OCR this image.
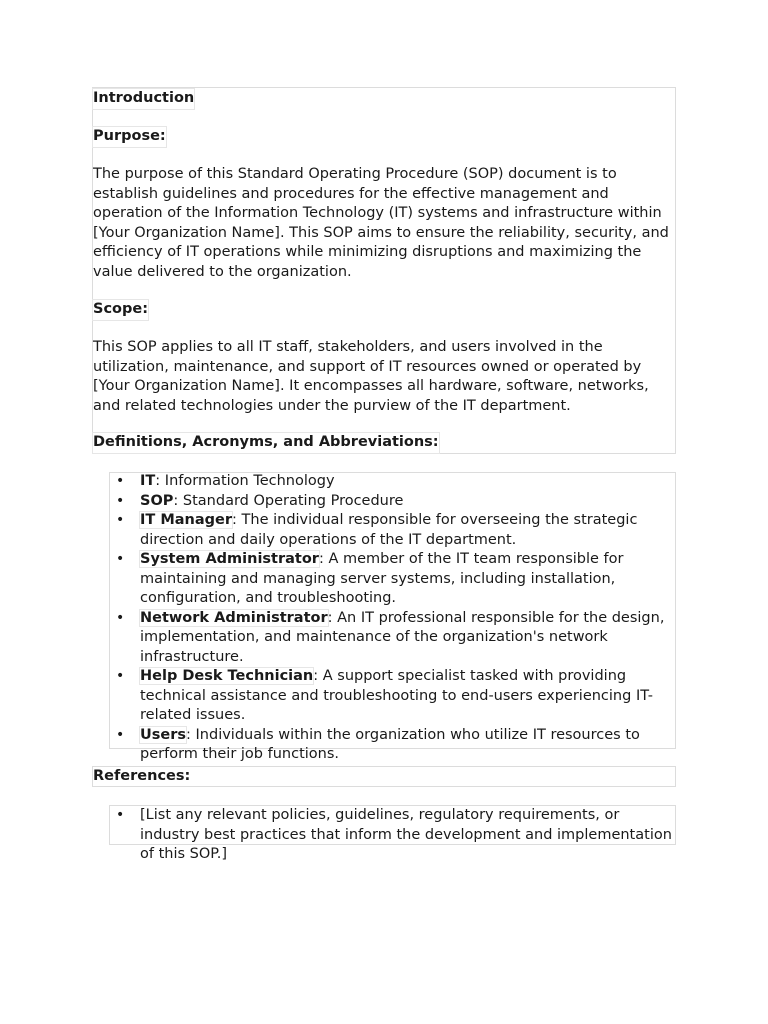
Introduction

Purpose:

The purpose of this Standard Operating Procedure (SOP) document is to establish guidelines and procedures for the effective management and operation of the Information Technology (IT) systems and infrastructure within [Your Organization Name]. This SOP aims to ensure the reliability, security, and efficiency of IT operations while minimizing disruptions and maximizing the value delivered to the organization.

Scope:

This SOP applies to all IT staff, stakeholders, and users involved in the utilization, maintenance, and support of IT resources owned or operated by [Your Organization Name]. It encompasses all hardware, software, networks, and related technologies under the purview of the IT department.

Definitions, Acronyms, and Abbreviations:

• IT: Information Technology
• SOP: Standard Operating Procedure
• IT Manager: The individual responsible for overseeing the strategic direction and daily operations of the IT department.
• System Administrator: A member of the IT team responsible for maintaining and managing server systems, including installation, configuration, and troubleshooting.
• Network Administrator: An IT professional responsible for the design, implementation, and maintenance of the organization's network infrastructure.
• Help Desk Technician: A support specialist tasked with providing technical assistance and troubleshooting to end-users experiencing IT-related issues.
• Users: Individuals within the organization who utilize IT resources to perform their job functions.

References:

• [List any relevant policies, guidelines, regulatory requirements, or industry best practices that inform the development and implementation of this SOP.]
